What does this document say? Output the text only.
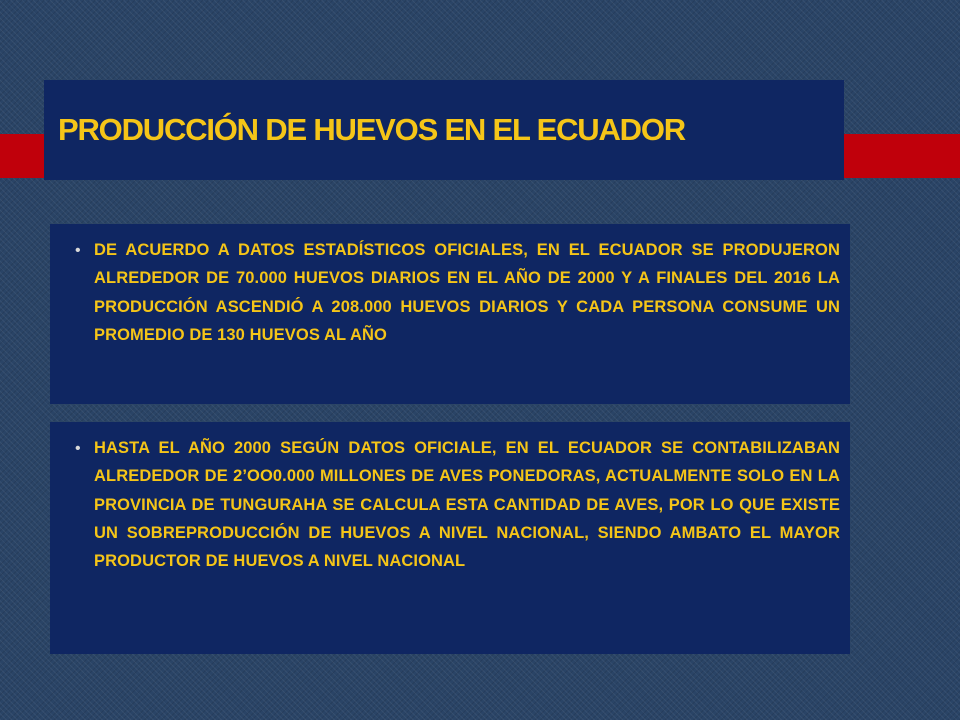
PRODUCCIÓN DE HUEVOS EN EL ECUADOR
• DE ACUERDO A DATOS ESTADÍSTICOS OFICIALES, EN EL ECUADOR SE PRODUJERON ALREDEDOR DE 70.000 HUEVOS DIARIOS EN EL AÑO DE 2000 Y A FINALES DEL 2016 LA PRODUCCIÓN ASCENDIÓ A 208.000 HUEVOS DIARIOS Y CADA PERSONA CONSUME UN PROMEDIO DE 130 HUEVOS AL AÑO

• HASTA EL AÑO 2000 SEGÚN DATOS OFICIALE, EN EL ECUADOR SE CONTABILIZABAN ALREDEDOR DE 2’OO0.000 MILLONES DE AVES PONEDORAS, ACTUALMENTE SOLO EN LA PROVINCIA DE TUNGURAHA SE CALCULA ESTA CANTIDAD DE AVES, POR LO QUE EXISTE UN SOBREPRODUCCIÓN DE HUEVOS A NIVEL NACIONAL, SIENDO AMBATO EL MAYOR PRODUCTOR DE HUEVOS A NIVEL NACIONAL
